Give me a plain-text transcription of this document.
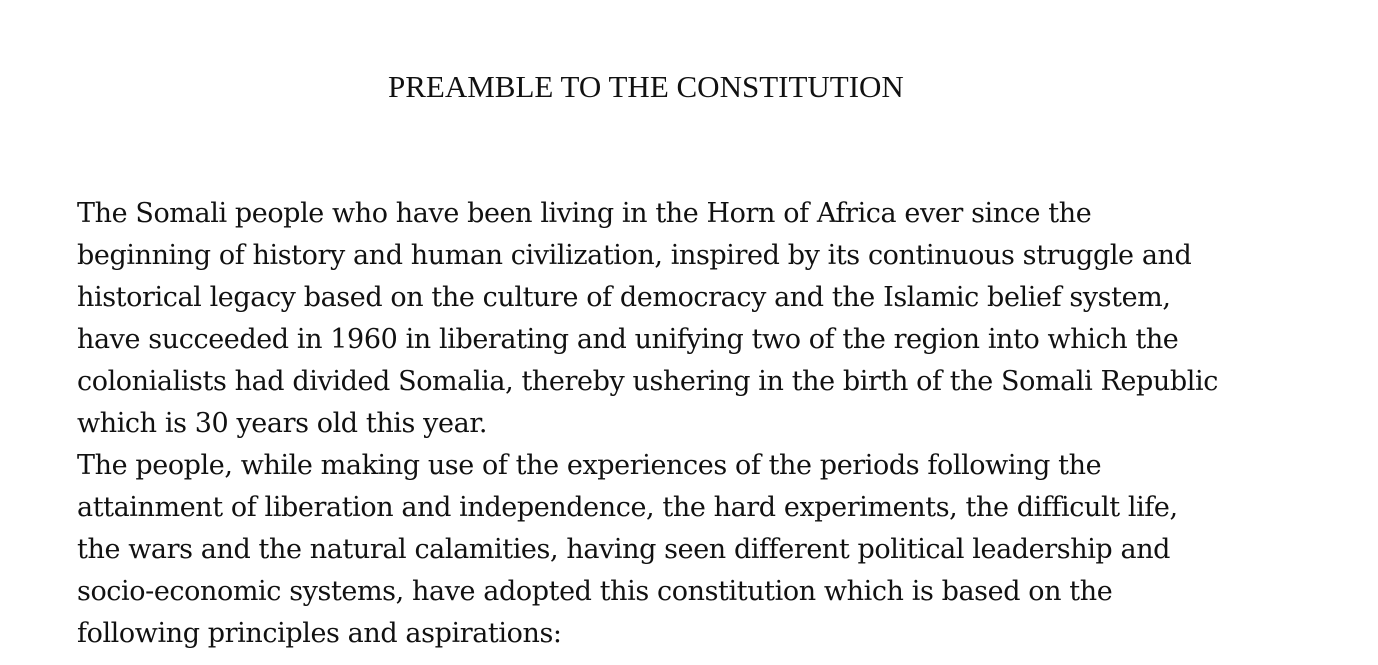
PREAMBLE TO THE CONSTITUTION
The Somali people who have been living in the Horn of Africa ever since the
beginning of history and human civilization, inspired by its continuous struggle and
historical legacy based on the culture of democracy and the Islamic belief system,
have succeeded in 1960 in liberating and unifying two of the region into which the
colonialists had divided Somalia, thereby ushering in the birth of the Somali Republic
which is 30 years old this year.
The people, while making use of the experiences of the periods following the
attainment of liberation and independence, the hard experiments, the difficult life,
the wars and the natural calamities, having seen different political leadership and
socio-economic systems, have adopted this constitution which is based on the
following principles and aspirations:
